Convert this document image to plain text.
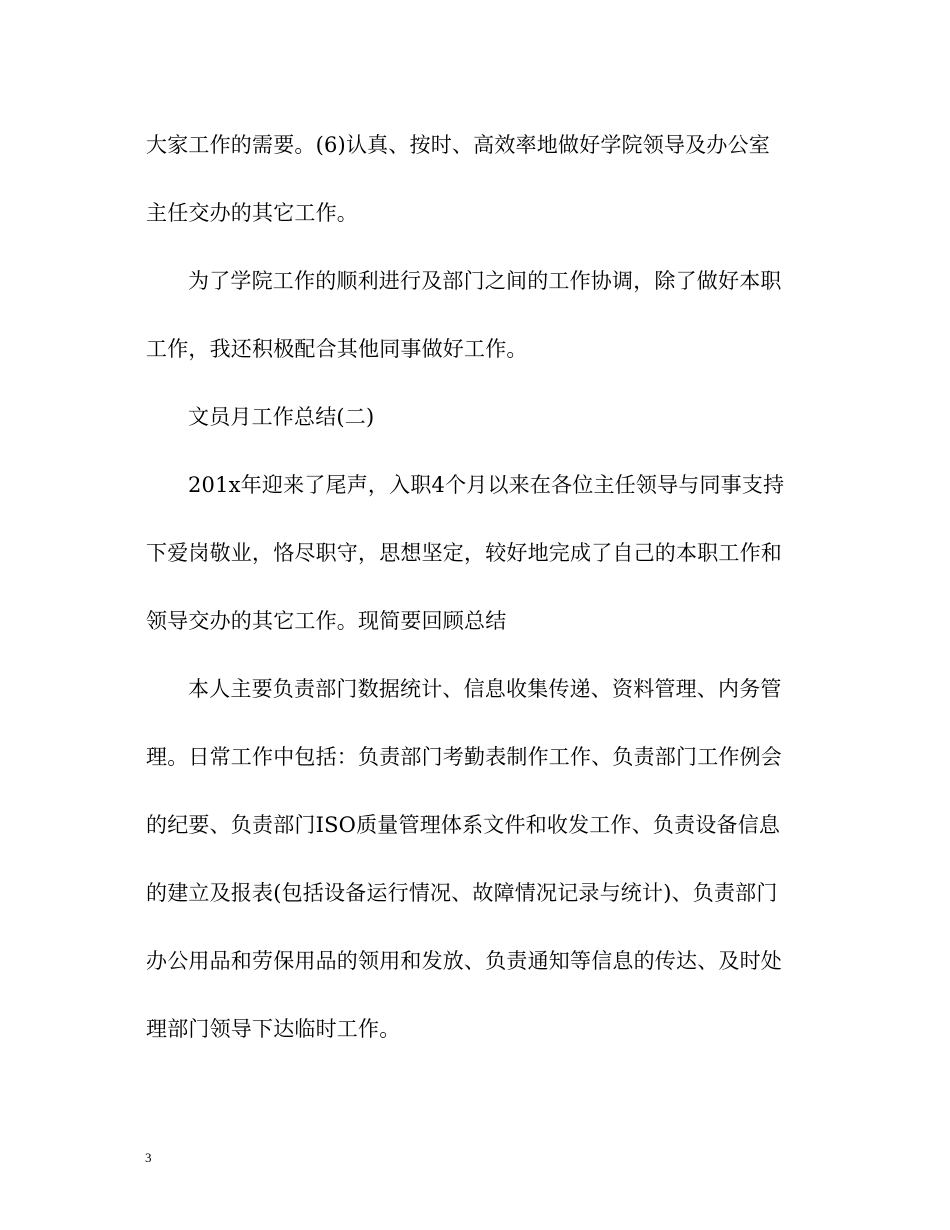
大家工作的需要。(6)认真、按时、高效率地做好学院领导及办公室
主任交办的其它工作。
为了学院工作的顺利进行及部门之间的工作协调，除了做好本职
工作，我还积极配合其他同事做好工作。
文员月工作总结(二)
201x年迎来了尾声，入职4个月以来在各位主任领导与同事支持
下爱岗敬业，恪尽职守，思想坚定，较好地完成了自己的本职工作和
领导交办的其它工作。现简要回顾总结
本人主要负责部门数据统计、信息收集传递、资料管理、内务管
理。日常工作中包括：负责部门考勤表制作工作、负责部门工作例会
的纪要、负责部门ISO质量管理体系文件和收发工作、负责设备信息
的建立及报表(包括设备运行情况、故障情况记录与统计)、负责部门
办公用品和劳保用品的领用和发放、负责通知等信息的传达、及时处
理部门领导下达临时工作。
3
